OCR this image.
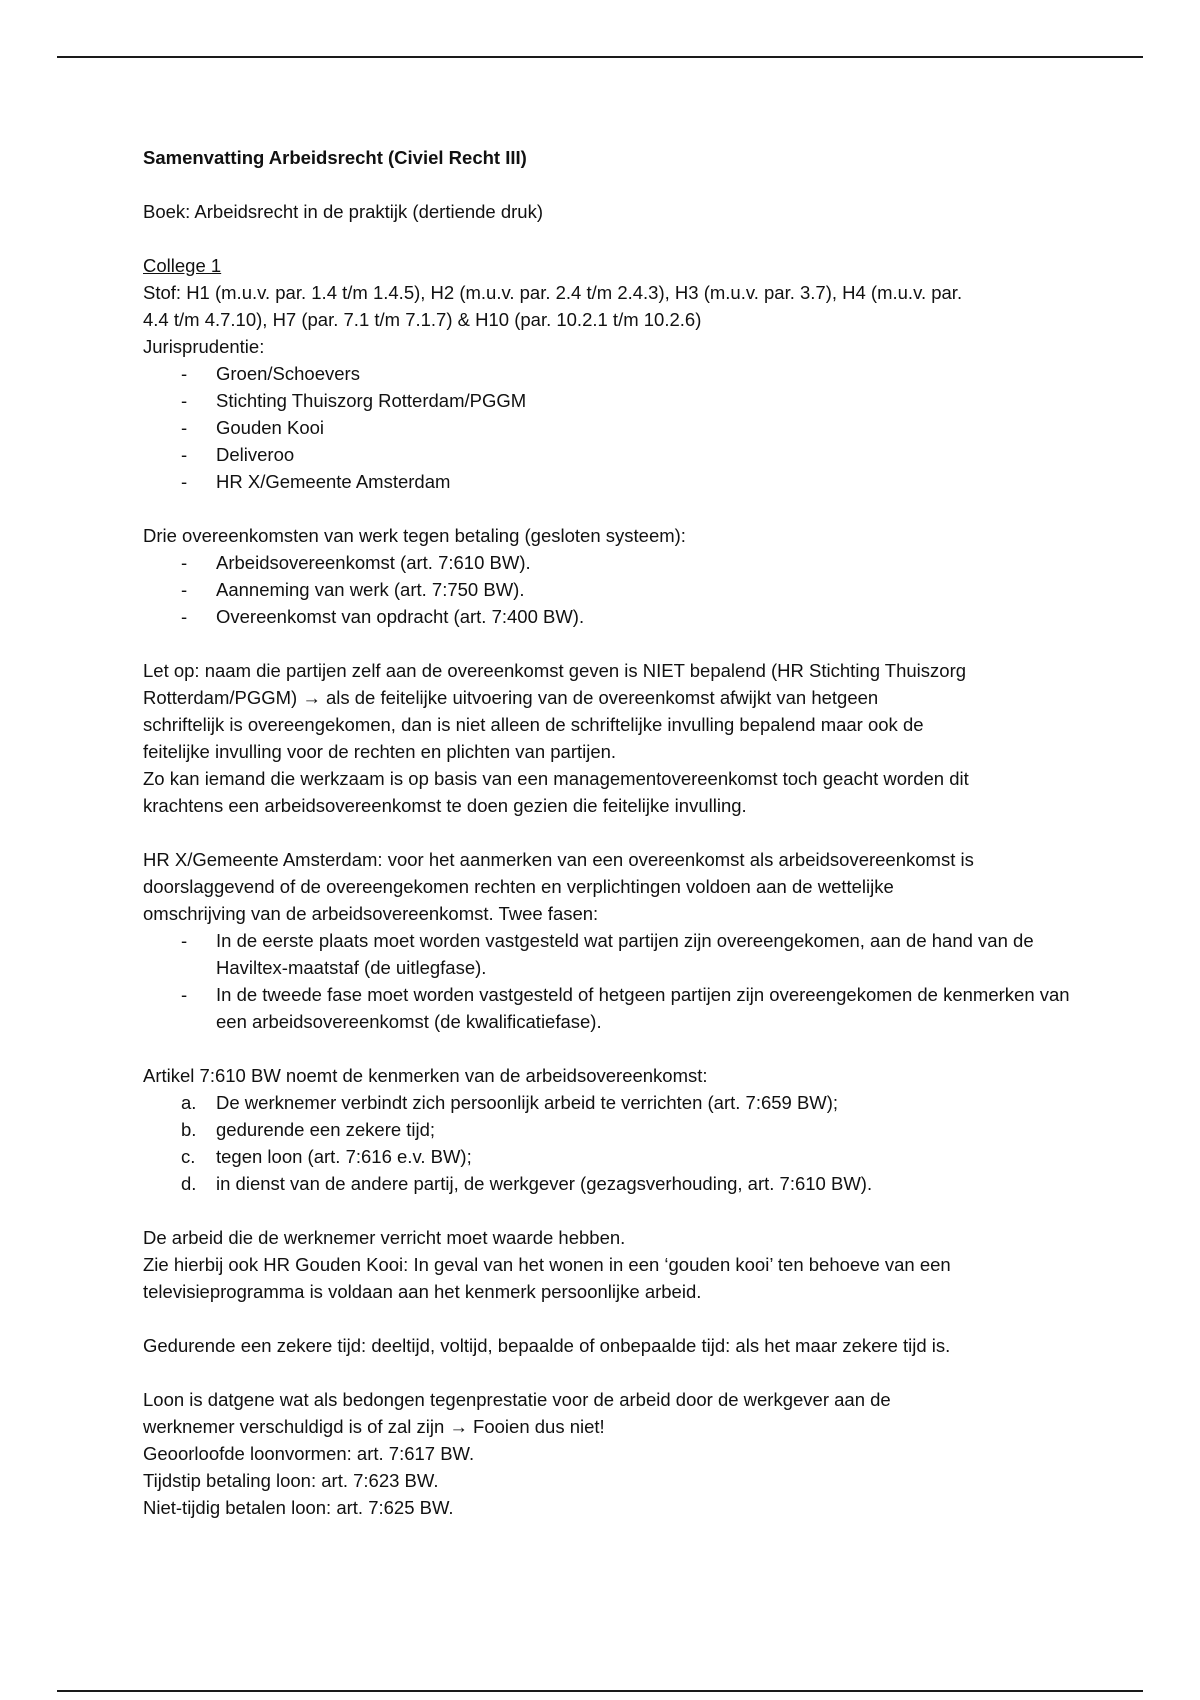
Samenvatting Arbeidsrecht (Civiel Recht III)

Boek: Arbeidsrecht in de praktijk (dertiende druk)

College 1

Stof: H1 (m.u.v. par. 1.4 t/m 1.4.5), H2 (m.u.v. par. 2.4 t/m 2.4.3), H3 (m.u.v. par. 3.7), H4 (m.u.v. par.

4.4 t/m 4.7.10), H7 (par. 7.1 t/m 7.1.7) & H10 (par. 10.2.1 t/m 10.2.6)

Jurisprudentie:

- Groen/Schoevers
- Stichting Thuiszorg Rotterdam/PGGM
- Gouden Kooi
- Deliveroo
- HR X/Gemeente Amsterdam

Drie overeenkomsten van werk tegen betaling (gesloten systeem):

- Arbeidsovereenkomst (art. 7:610 BW).
- Aanneming van werk (art. 7:750 BW).
- Overeenkomst van opdracht (art. 7:400 BW).

Let op: naam die partijen zelf aan de overeenkomst geven is NIET bepalend (HR Stichting Thuiszorg

Rotterdam/PGGM) → als de feitelijke uitvoering van de overeenkomst afwijkt van hetgeen

schriftelijk is overeengekomen, dan is niet alleen de schriftelijke invulling bepalend maar ook de

feitelijke invulling voor de rechten en plichten van partijen.

Zo kan iemand die werkzaam is op basis van een managementovereenkomst toch geacht worden dit

krachtens een arbeidsovereenkomst te doen gezien die feitelijke invulling.

HR X/Gemeente Amsterdam: voor het aanmerken van een overeenkomst als arbeidsovereenkomst is

doorslaggevend of de overeengekomen rechten en verplichtingen voldoen aan de wettelijke

omschrijving van de arbeidsovereenkomst. Twee fasen:

- In de eerste plaats moet worden vastgesteld wat partijen zijn overeengekomen, aan de hand van de Haviltex-maatstaf (de uitlegfase).
- In de tweede fase moet worden vastgesteld of hetgeen partijen zijn overeengekomen de kenmerken van een arbeidsovereenkomst (de kwalificatiefase).

Artikel 7:610 BW noemt de kenmerken van de arbeidsovereenkomst:

a. De werknemer verbindt zich persoonlijk arbeid te verrichten (art. 7:659 BW);
b. gedurende een zekere tijd;
c. tegen loon (art. 7:616 e.v. BW);
d. in dienst van de andere partij, de werkgever (gezagsverhouding, art. 7:610 BW).

De arbeid die de werknemer verricht moet waarde hebben.

Zie hierbij ook HR Gouden Kooi: In geval van het wonen in een ‘gouden kooi’ ten behoeve van een

televisieprogramma is voldaan aan het kenmerk persoonlijke arbeid.

Gedurende een zekere tijd: deeltijd, voltijd, bepaalde of onbepaalde tijd: als het maar zekere tijd is.

Loon is datgene wat als bedongen tegenprestatie voor de arbeid door de werkgever aan de

werknemer verschuldigd is of zal zijn → Fooien dus niet!

Geoorloofde loonvormen: art. 7:617 BW.

Tijdstip betaling loon: art. 7:623 BW.

Niet-tijdig betalen loon: art. 7:625 BW.
